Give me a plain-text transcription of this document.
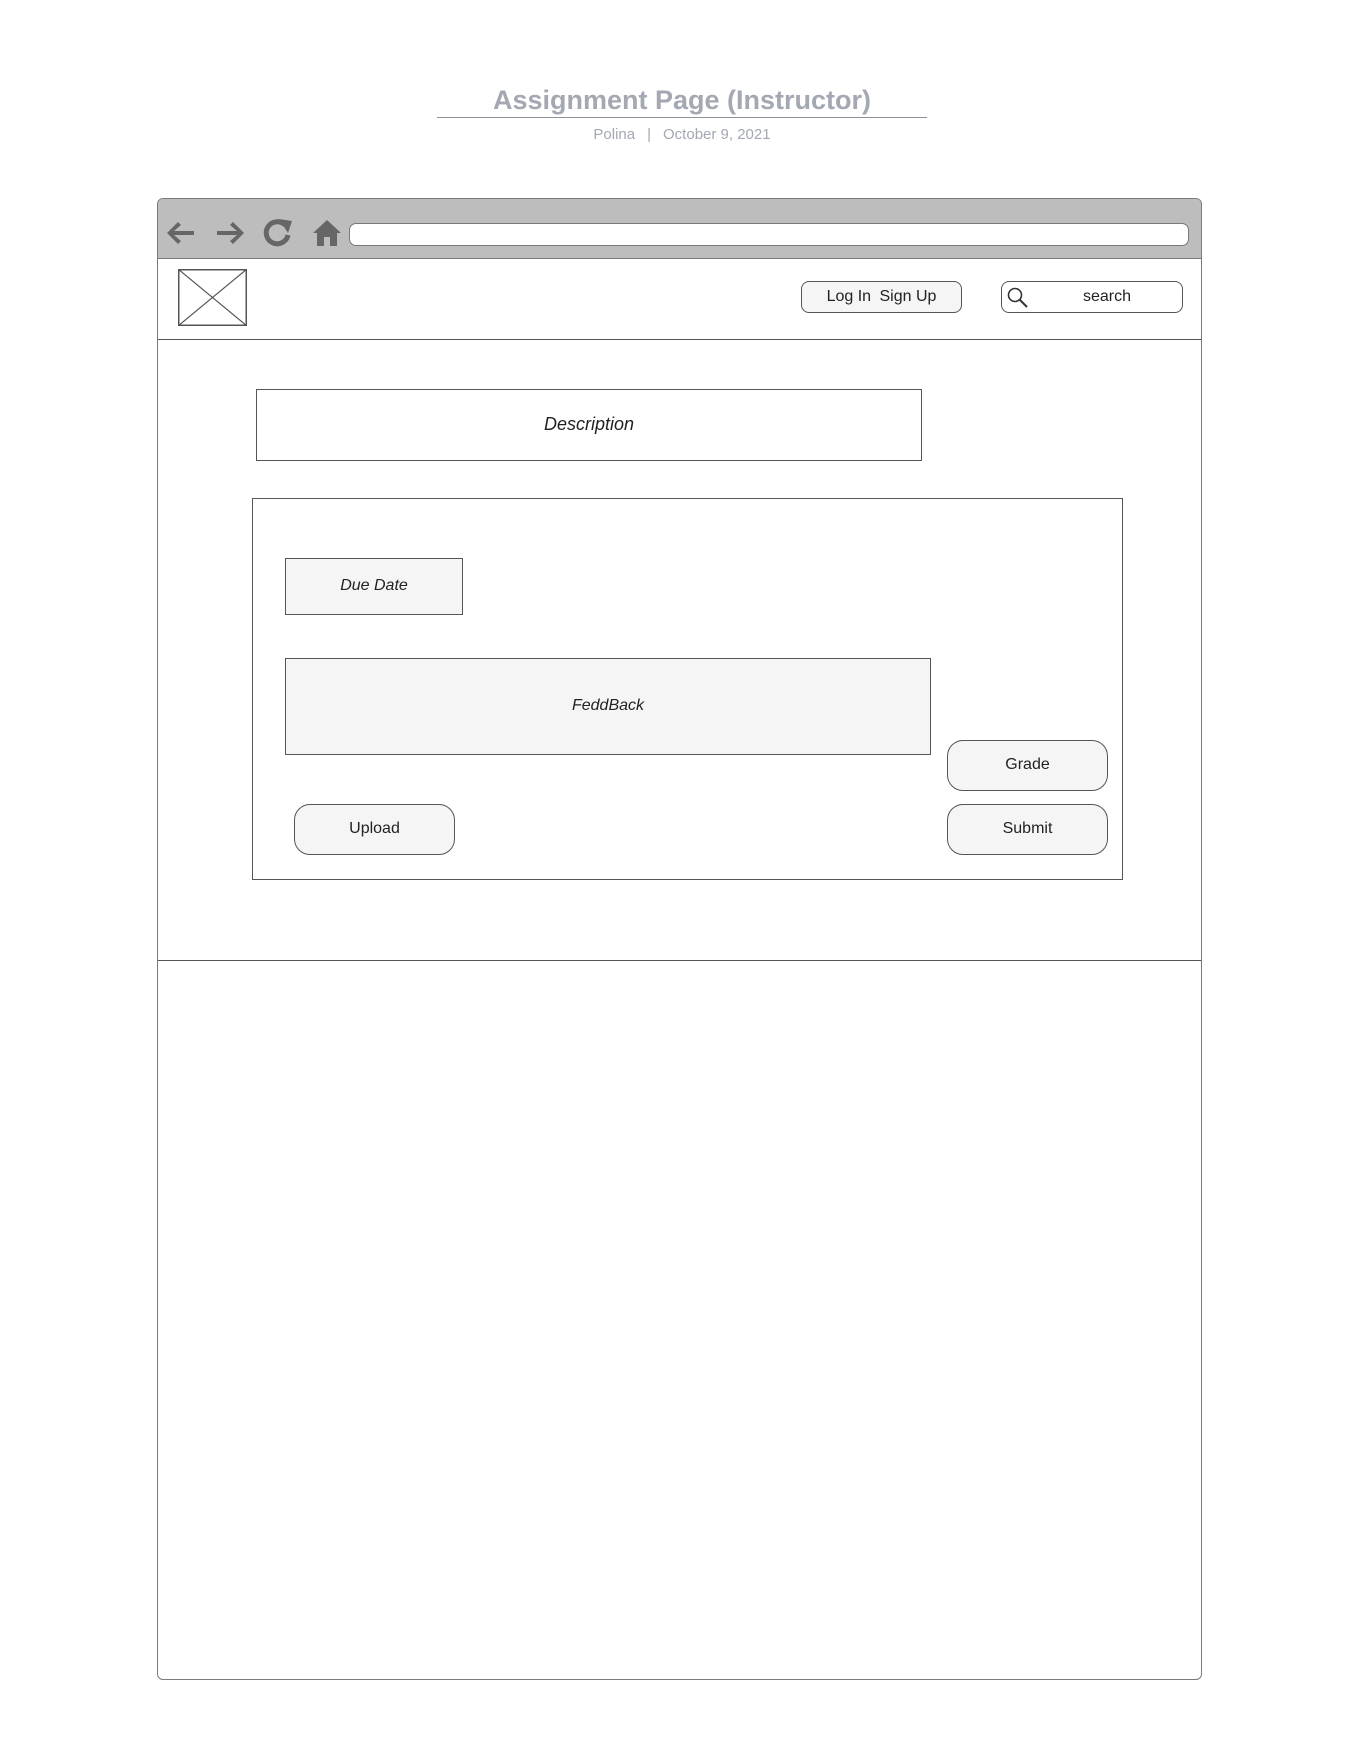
Assignment Page (Instructor)
Polina | October 9, 2021
Log In Sign Up	search
Description
Due Date
FeddBack
Upload
Grade
Submit
